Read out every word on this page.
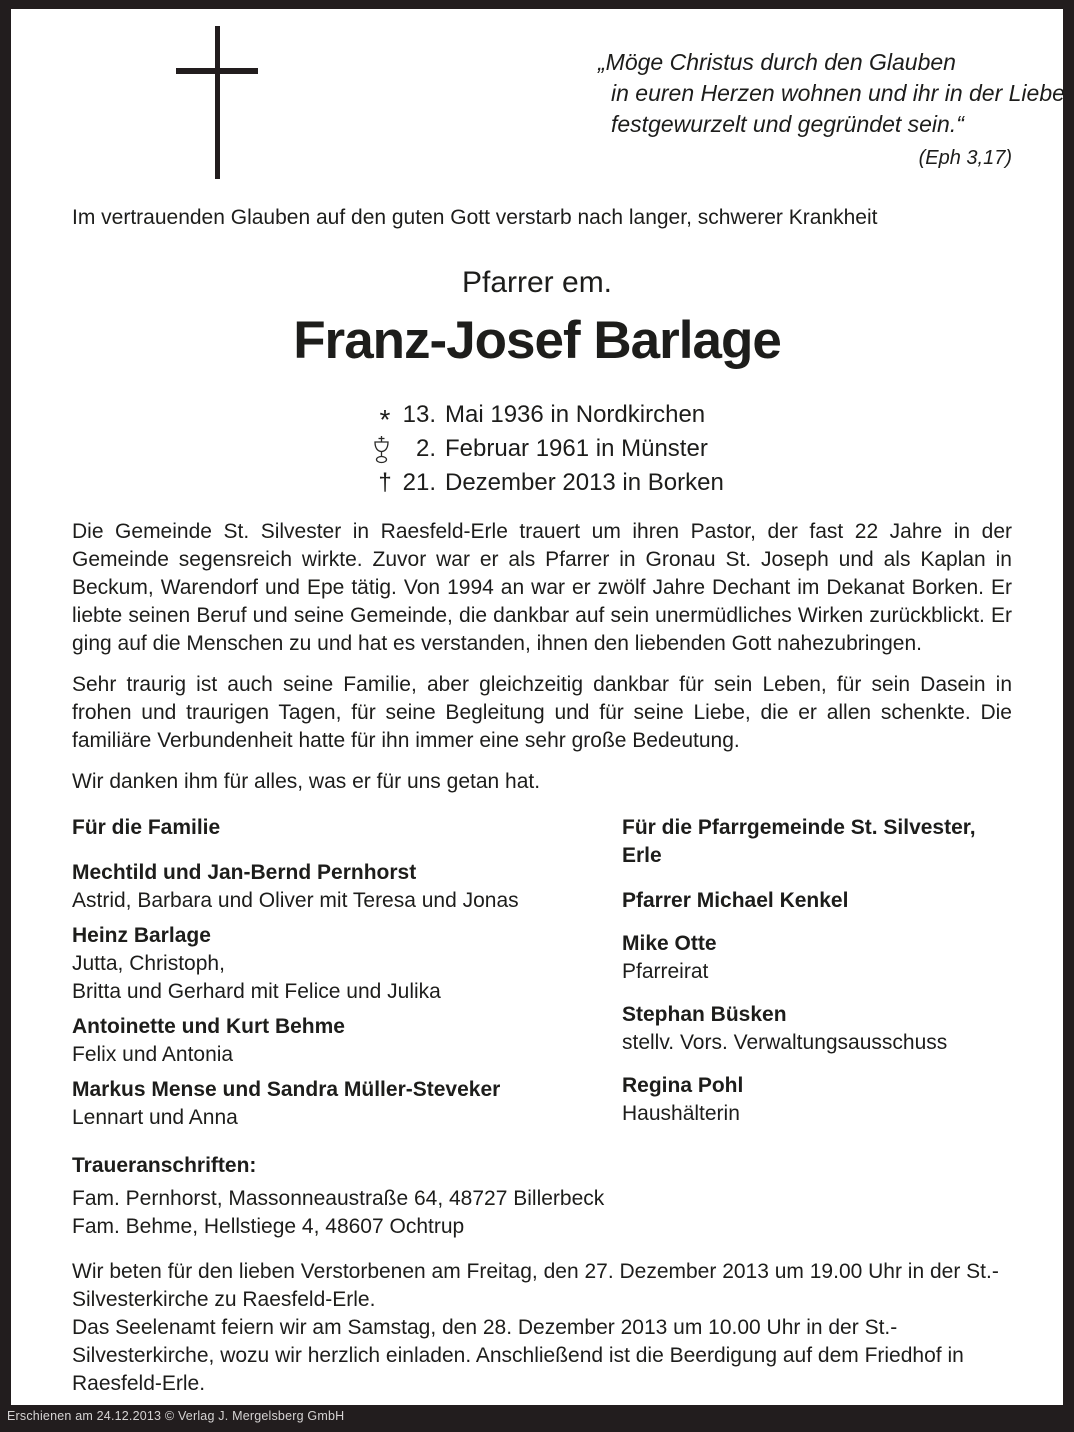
„Möge Christus durch den Glauben
in euren Herzen wohnen und ihr in der Liebe
festgewurzelt und gegründet sein.“
(Eph 3,17)
Im vertrauenden Glauben auf den guten Gott verstarb nach langer, schwerer Krankheit
Pfarrer em.
Franz-Josef Barlage
* 13. Mai 1936 in Nordkirchen
2. Februar 1961 in Münster
† 21. Dezember 2013 in Borken

Die Gemeinde St. Silvester in Raesfeld-Erle trauert um ihren Pastor, der fast 22 Jahre in der Gemeinde segensreich wirkte. Zuvor war er als Pfarrer in Gronau St. Joseph und als Kaplan in Beckum, Warendorf und Epe tätig. Von 1994 an war er zwölf Jahre Dechant im Dekanat Borken. Er liebte seinen Beruf und seine Gemeinde, die dankbar auf sein unermüdliches Wirken zurückblickt. Er ging auf die Menschen zu und hat es verstanden, ihnen den liebenden Gott nahezubringen.

Sehr traurig ist auch seine Familie, aber gleichzeitig dankbar für sein Leben, für sein Dasein in frohen und traurigen Tagen, für seine Begleitung und für seine Liebe, die er allen schenkte. Die familiäre Verbundenheit hatte für ihn immer eine sehr große Bedeutung.

Wir danken ihm für alles, was er für uns getan hat.

Für die Familie
Mechtild und Jan-Bernd Pernhorst
Astrid, Barbara und Oliver mit Teresa und Jonas
Heinz Barlage
Jutta, Christoph,
Britta und Gerhard mit Felice und Julika
Antoinette und Kurt Behme
Felix und Antonia
Markus Mense und Sandra Müller-Steveker
Lennart und Anna
Für die Pfarrgemeinde St. Silvester, Erle
Pfarrer Michael Kenkel
Mike Otte
Pfarreirat
Stephan Büsken
stellv. Vors. Verwaltungsausschuss
Regina Pohl
Haushälterin
Traueranschriften:
Fam. Pernhorst, Massonneaustraße 64, 48727 Billerbeck
Fam. Behme, Hellstiege 4, 48607 Ochtrup

Wir beten für den lieben Verstorbenen am Freitag, den 27. Dezember 2013 um 19.00 Uhr in der St.-Silvesterkirche zu Raesfeld-Erle.

Das Seelenamt feiern wir am Samstag, den 28. Dezember 2013 um 10.00 Uhr in der St.-Silvesterkirche, wozu wir herzlich einladen. Anschließend ist die Beerdigung auf dem Friedhof in Raesfeld-Erle.

Erschienen am 24.12.2013 © Verlag J. Mergelsberg GmbH
